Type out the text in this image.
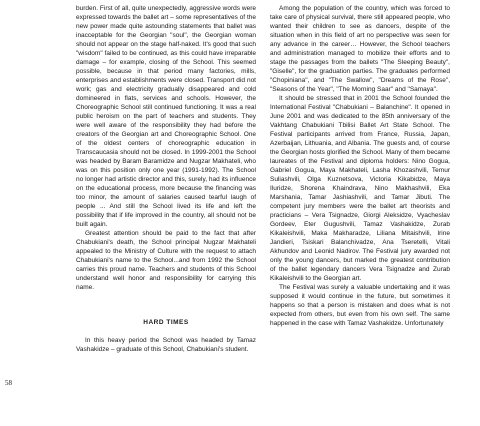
58

burden. First of all, quite unexpectedly, aggressive words were expressed towards the ballet art – some representatives of the new power made quite astounding statements that ballet was inacceptable for the Georgian "soul", the Georgian woman should not appear on the stage half-naked. It's good that such "wisdom" failed to be continued, as this could have irreparable damage – for example, closing of the School. This seemed possible, because in that period many factories, mills, enterprises and establishments were closed. Transport did not work; gas and electricity gradually disappeared and cold domineered in flats, services and schools. However, the Choreographic School still continued functioning. It was a real public heroism on the part of teachers and students. They were well aware of the responsibility they had before the creators of the Georgian art and Choreographic School. One of the oldest centers of choreographic education in Transcaucasia should not be closed. In 1999-2001 the School was headed by Baram Baramidze and Nugzar Makhateli, who was on this position only one year (1991-1992). The School no longer had artistic director and this, surely, had its influence on the educational process, more because the financing was too minor, the amount of salaries caused tearful laugh of people ... And still the School lived its life and left the possibility that if life improved in the country, all should not be built again.

Greatest attention should be paid to the fact that after Chabukiani's death, the School principal Nugzar Makhateli appealed to the Ministry of Culture with the request to attach Chabukiani's name to the School...and from 1992 the School carries this proud name. Teachers and students of this School understand well honor and responsibility for carrying this name.

HARD TIMES

In this heavy period the School was headed by Tamaz Vashakidze – graduate of this School, Chabukiani's student.

Among the population of the country, which was forced to take care of physical survival, there still appeared people, who wanted their children to see as dancers, despite of the situation when in this field of art no perspective was seen for any advance in the career… However, the School teachers and administration managed to mobilize their efforts and to stage the passages from the ballets "The Sleeping Beauty", "Giselle", for the graduation parties. The graduates performed "Chopiniana", and "The Swallow", "Dreams of the Rose", "Seasons of the Year", "The Morning Saar" and "Samaya".

It should be stressed that in 2001 the School founded the International Festival "Chabukiani – Balanchine". It opened in June 2001 and was dedicated to the 85th anniversary of the Vakhtang Chabukiani Tbilisi Ballet Art State School. The Festival participants arrived from France, Russia, Japan, Azerbaijan, Lithuania, and Albania. The guests and, of course the Georgian hosts glorified the School. Many of them became laureates of the Festival and diploma holders: Nino Gogua, Gabriel Gogua, Maya Makhateli, Lasha Khozashvili, Temur Suliashvili, Olga Kuznetsova, Victoria Kikabidze, Maya Iluridze, Shorena Khaindrava, Nino Makhashvili, Eka Marshania, Tamar Jashiashvili, and Tamar Jibuti. The competent jury members were the ballet art theorists and practicians – Vera Tsignadze, Giorgi Aleksidze, Vyacheslav Gordeev, Eter Gugushvili, Tamaz Vashakidze, Zurab Kikaleishvili, Maka Makharadze, Liliana Mitaishvili, Irine Jandieri, Tsiskari Balanchivadze, Ana Tseretelli, Vitali Akhundov and Leonid Nadirov. The Festival jury awarded not only the young dancers, but marked the greatest contribution of the ballet legendary dancers Vera Tsignadze and Zurab Kikaleishvili to the Georgian art.

The Festival was surely a valuable undertaking and it was supposed it would continue in the future, but sometimes it happens so that a person is mistaken and does what is not expected from others, but even from his own self. The same happened in the case with Tamaz Vashakidze. Unfortunately
